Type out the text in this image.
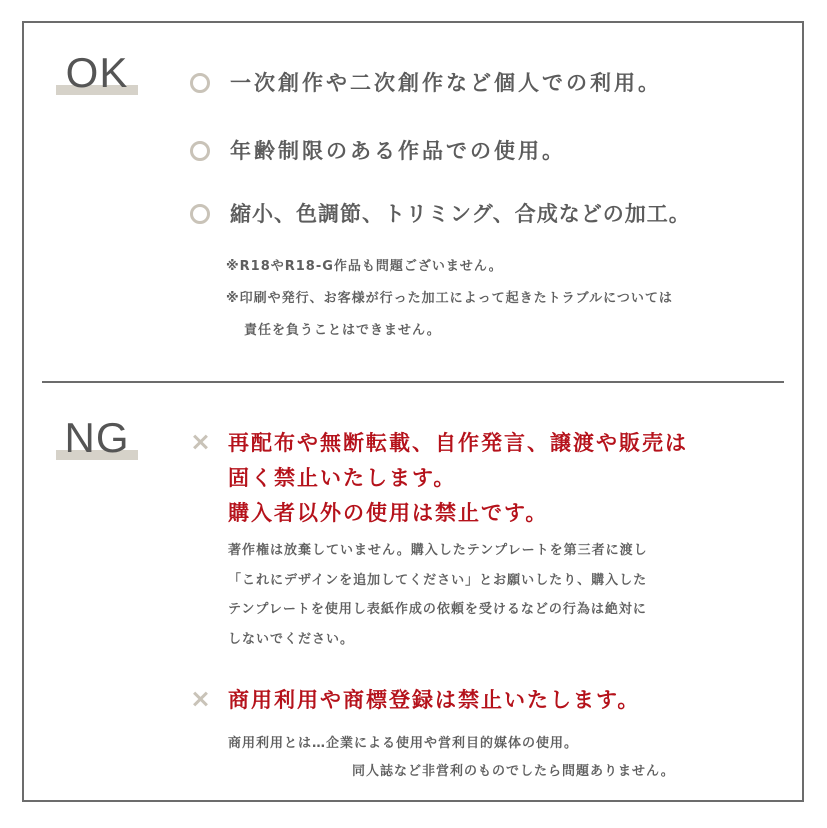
OK	一次創作や二次創作など個人での利用。
年齢制限のある作品での使用。
縮小、色調節、トリミング、合成などの加工。
※R18やR18-G作品も問題ございません。
※印刷や発行、お客様が行った加工によって起きたトラブルについては
責任を負うことはできません。
NG	再配布や無断転載、自作発言、譲渡や販売は
固く禁止いたします。
購入者以外の使用は禁止です。
著作権は放棄していません。購入したテンプレートを第三者に渡し
「これにデザインを追加してください」とお願いしたり、購入した
テンプレートを使用し表紙作成の依頼を受けるなどの行為は絶対に
しないでください。
商用利用や商標登録は禁止いたします。
商用利用とは…企業による使用や営利目的媒体の使用。
同人誌など非営利のものでしたら問題ありません。
